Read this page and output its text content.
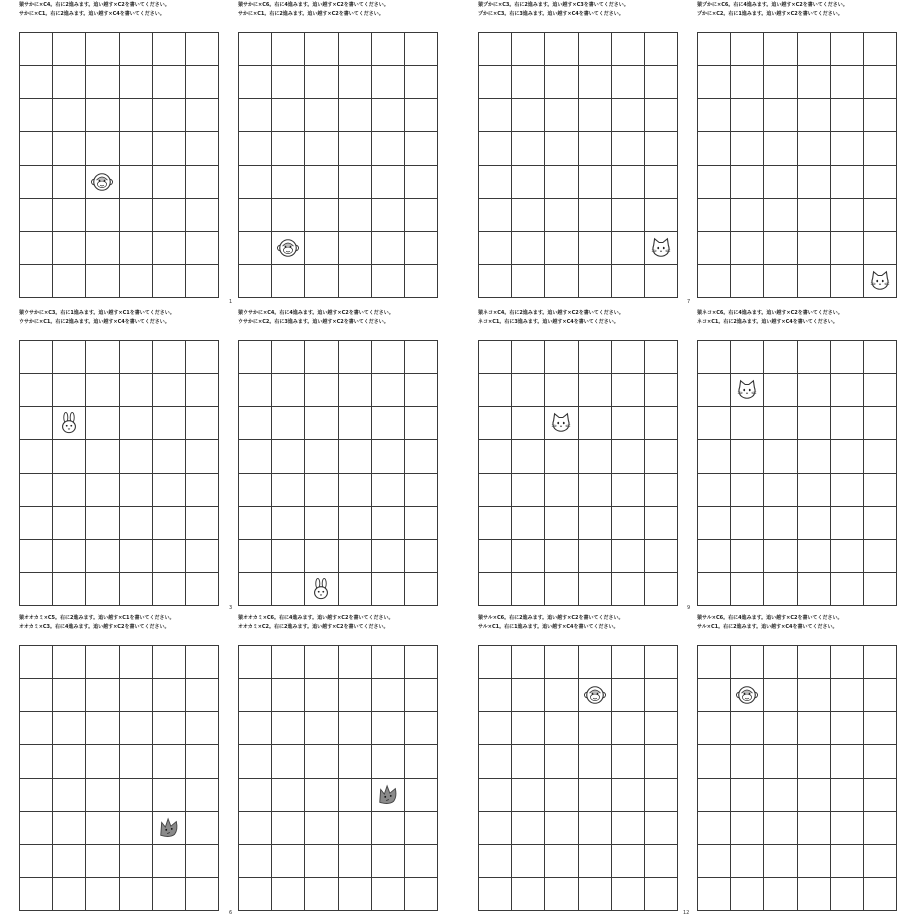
猿サかに×C4。右に2進みます。追い越す×C2を書いてください。
サかに×C1。右に2進みます。追い越す×C4を書いてください。
猿サかに×C6。右に4進みます。追い越す×C2を書いてください。
サかに×C1。右に2進みます。追い越す×C2を書いてください。
猿プかに×C3。右に2進みます。追い越す×C3を書いてください。
プかに×C3。右に3進みます。追い越す×C4を書いてください。
猿プかに×C6。右に4進みます。追い越す×C2を書いてください。
プかに×C2。右に1進みます。追い越す×C2を書いてください。
猿ウサかに×C3。右に1進みます。追い越す×C1を書いてください。
ウサかに×C1。右に2進みます。追い越す×C4を書いてください。
猿ウサかに×C4。右に4進みます。追い越す×C2を書いてください。
ウサかに×C2。右に3進みます。追い越す×C2を書いてください。
猿ネコ×C4。右に2進みます。追い越す×C2を書いてください。
ネコ×C1。右に3進みます。追い越す×C4を書いてください。
猿ネコ×C6。右に4進みます。追い越す×C2を書いてください。
ネコ×C1。右に2進みます。追い越す×C4を書いてください。
猿オオカミ×C5。右に2進みます。追い越す×C1を書いてください。
オオカミ×C3。右に4進みます。追い越す×C2を書いてください。
猿オオカミ×C6。右に4進みます。追い越す×C2を書いてください。
オオカミ×C2。右に2進みます。追い越す×C2を書いてください。
猿サル×C6。右に2進みます。追い越す×C2を書いてください。
サル×C1。右に1進みます。追い越す×C4を書いてください。
猿サル×C6。右に4進みます。追い越す×C2を書いてください。
サル×C1。右に2進みます。追い越す×C4を書いてください。
1	7
3	9
6	12
